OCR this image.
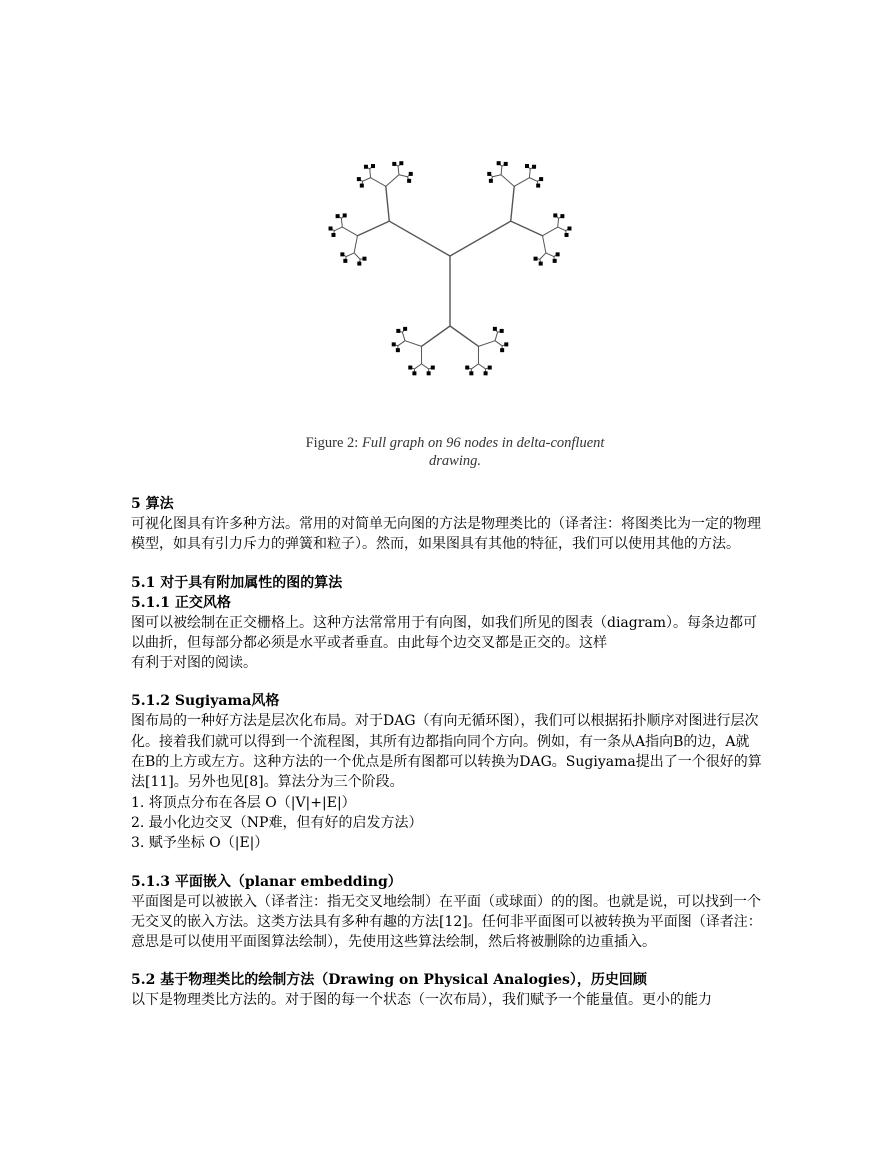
Figure 2: Full graph on 96 nodes in delta-confluent
drawing.

5 算法

可视化图具有许多种方法。常用的对简单无向图的方法是物理类比的（译者注：将图类比为一定的物理模型，如具有引力斥力的弹簧和粒子）。然而，如果图具有其他的特征，我们可以使用其他的方法。

5.1 对于具有附加属性的图的算法

5.1.1 正交风格

图可以被绘制在正交栅格上。这种方法常常用于有向图，如我们所见的图表（diagram）。每条边都可以曲折，但每部分都必须是水平或者垂直。由此每个边交叉都是正交的。这样

有利于对图的阅读。

5.1.2 Sugiyama风格

图布局的一种好方法是层次化布局。对于DAG（有向无循环图），我们可以根据拓扑顺序对图进行层次化。接着我们就可以得到一个流程图，其所有边都指向同个方向。例如，有一条从A指向B的边，A就在B的上方或左方。这种方法的一个优点是所有图都可以转换为DAG。Sugiyama提出了一个很好的算法[11]。另外也见[8]。算法分为三个阶段。

1. 将顶点分布在各层 O（|V|+|E|）

2. 最小化边交叉（NP难，但有好的启发方法）

3. 赋予坐标 O（|E|）

5.1.3 平面嵌入（planar embedding）

平面图是可以被嵌入（译者注：指无交叉地绘制）在平面（或球面）的的图。也就是说，可以找到一个无交叉的嵌入方法。这类方法具有多种有趣的方法[12]。任何非平面图可以被转换为平面图（译者注：意思是可以使用平面图算法绘制），先使用这些算法绘制，然后将被删除的边重插入。

5.2 基于物理类比的绘制方法（Drawing on Physical Analogies），历史回顾

以下是物理类比方法的。对于图的每一个状态（一次布局），我们赋予一个能量值。更小的能力
